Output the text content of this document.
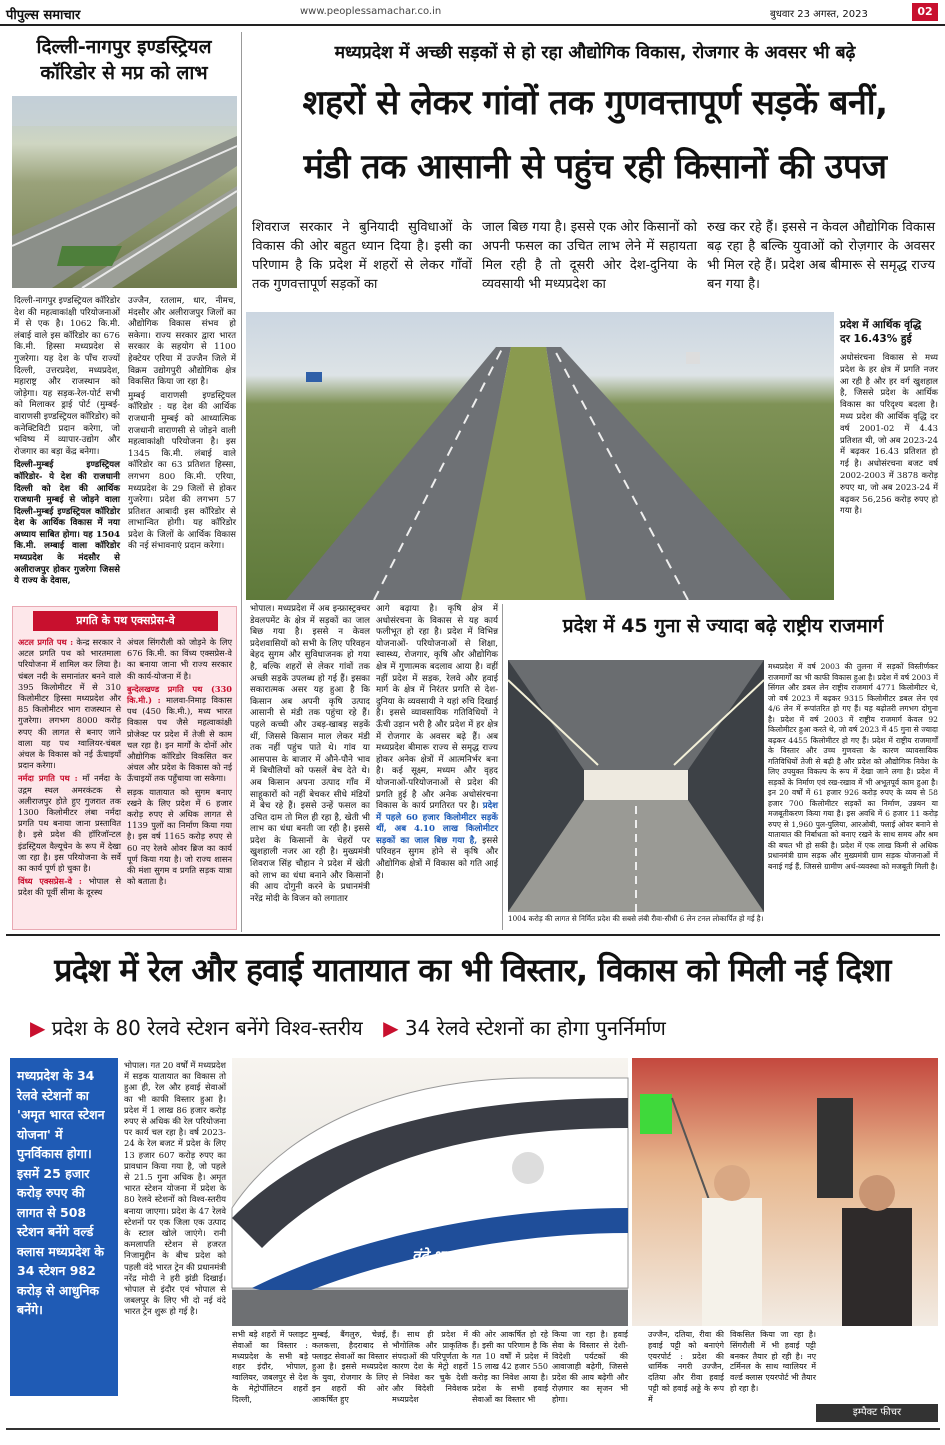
पीपुल्स समाचार	www.peoplessamachar.co.in	बुधवार 23 अगस्त, 2023	02
दिल्ली-नागपुर इण्डस्ट्रियल कॉरिडोर से मप्र को लाभ

दिल्ली-नागपुर इण्डस्ट्रियल कॉरिडोर देश की महत्वाकांक्षी परियोजनाओं में से एक है। 1062 कि.मी. लंबाई वाले इस कॉरिडोर का 676 कि.मी. हिस्सा मध्यप्रदेश से गुजरेगा। यह देश के पाँच राज्यों दिल्ली, उत्तरप्रदेश, मध्यप्रदेश, महाराष्ट्र और राजस्थान को जोड़ेगा। यह सड़क-रेल-पोर्ट सभी को मिलाकर ड्राई पोर्ट (मुम्बई-वाराणसी इण्डस्ट्रियल कॉरिडोर) को कनेक्टिविटी प्रदान करेगा, जो भविष्य में व्यापार-उद्योग और रोजगार का बड़ा केंद्र बनेगा।

दिल्ली-मुम्बई इण्डस्ट्रियल कॉरिडोर- ये देश की राजधानी दिल्ली को देश की आर्थिक राजधानी मुम्बई से जोड़ने वाला दिल्ली-मुम्बई इण्डस्ट्रियल कॉरिडोर देश के आर्थिक विकास में नया अध्याय साबित होगा। यह 1504 कि.मी. लम्बाई वाला कॉरिडोर मध्यप्रदेश के मंदसौर से अलीराजपुर होकर गुजरेगा जिससे ये राज्य के देवास,

उज्जैन, रतलाम, धार, नीमच, मंदसौर और अलीराजपुर जिलों का औद्योगिक विकास संभव हो सकेगा। राज्य सरकार द्वारा भारत सरकार के सहयोग से 1100 हेक्टेयर एरिया में उज्जैन जिले में विक्रम उद्योगपुरी औद्योगिक क्षेत्र विकसित किया जा रहा है।

मुम्बई वाराणसी इण्डस्ट्रियल कॉरिडोर : यह देश की आर्थिक राजधानी मुम्बई को आध्यात्मिक राजधानी वाराणसी से जोड़ने वाली महत्वाकांक्षी परियोजना है। इस 1345 कि.मी. लंबाई वाले कॉरिडोर का 63 प्रतिशत हिस्सा, लगभग 800 कि.मी. एरिया, मध्यप्रदेश के 29 जिलों से होकर गुजरेगा। प्रदेश की लगभग 57 प्रतिशत आबादी इस कॉरिडोर से लाभान्वित होगी। यह कॉरिडोर प्रदेश के जिलों के आर्थिक विकास की नई संभावनाएं प्रदान करेगा।

प्रगति के पथ एक्सप्रेस-वे

अटल प्रगति पथ : केन्द्र सरकार ने अटल प्रगति पथ को भारतमाला परियोजना में शामिल कर लिया है। चंबल नदी के समानांतर बनने वाले 395 किलोमीटर में से 310 किलोमीटर हिस्सा मध्यप्रदेश और 85 किलोमीटर भाग राजस्थान से गुजरेगा। लगभग 8000 करोड़ रुपए की लागत से बनाए जाने वाला यह पथ ग्वालियर-चंबल अंचल के विकास को नई ऊँचाइयाँ प्रदान करेगा।

नर्मदा प्रगति पथ : माँ नर्मदा के उद्गम स्थल अमरकंटक से अलीराजपुर होते हुए गुजरात तक 1300 किलोमीटर लंबा नर्मदा प्रगति पथ बनाया जाना प्रस्तावित है। इसे प्रदेश की हॉरिजॉन्टल इंडस्ट्रियल वैल्यूचेन के रूप में देखा जा रहा है। इस परियोजना के सर्वे का कार्य पूर्ण हो चुका है।

विंध्य एक्सप्रेस-वे : भोपाल से प्रदेश की पूर्वी सीमा के दूरस्थ

अंचल सिंगरौली को जोड़ने के लिए 676 कि.मी. का विंध्य एक्सप्रेस-वे का बनाया जाना भी राज्य सरकार की कार्य-योजना में है।

बुन्देलखण्ड प्रगति पथ (330 कि.मी.) : मालवा-निमाड़ विकास पथ (450 कि.मी.), मध्य भारत विकास पथ जैसे महत्वाकांक्षी प्रोजेक्ट पर प्रदेश में तेजी से काम चल रहा है। इन मार्गों के दोनों ओर औद्योगिक कॉरिडोर विकसित कर अंचल और प्रदेश के विकास को नई ऊँचाइयों तक पहुँचाया जा सकेगा।

सड़क यातायात को सुगम बनाए रखने के लिए प्रदेश में 6 हजार करोड़ रुपए से अधिक लागत से 1139 पुलों का निर्माण किया गया है। इस वर्ष 1165 करोड़ रुपए से 60 नए रेलवे ओवर ब्रिज का कार्य पूर्ण किया गया है। जो राज्य शासन की मंशा सुगम व प्रगति सड़क यात्रा को बताता है।

मध्यप्रदेश में अच्छी सड़कों से हो रहा औद्योगिक विकास, रोजगार के अवसर भी बढ़े
शहरों से लेकर गांवों तक गुणवत्तापूर्ण सड़कें बनीं,
मंडी तक आसानी से पहुंच रही किसानों की उपज
शिवराज सरकार ने बुनियादी सुविधाओं के विकास की ओर बहुत ध्यान दिया है। इसी का परिणाम है कि प्रदेश में शहरों से लेकर गाँवों तक गुणवत्तापूर्ण सड़कों का
जाल बिछ गया है। इससे एक ओर किसानों को अपनी फसल का उचित लाभ लेने में सहायता मिल रही है तो दूसरी ओर देश-दुनिया के व्यवसायी भी मध्यप्रदेश का
रुख कर रहे हैं। इससे न केवल औद्योगिक विकास बढ़ रहा है बल्कि युवाओं को रोज़गार के अवसर भी मिल रहे हैं। प्रदेश अब बीमारू से समृद्ध राज्य बन गया है।
प्रदेश में आर्थिक वृद्धि
दर 16.43% हुई
अधोसंरचना विकास से मध्य प्रदेश के हर क्षेत्र में प्रगति नजर आ रही है और हर वर्ग खुशहाल है, जिससे प्रदेश के आर्थिक विकास का परिदृश्य बदला है। मध्य प्रदेश की आर्थिक वृद्धि दर वर्ष 2001-02 में 4.43 प्रतिशत थी, जो अब 2023-24 में बढ़कर 16.43 प्रतिशत हो गई है। अधोसंरचना बजट वर्ष 2002-2003 में 3878 करोड़ रुपए था, जो अब 2023-24 में बढ़कर 56,256 करोड़ रुपए हो गया है।
भोपाल। मध्यप्रदेश में अब इन्फ्रास्ट्रक्चर डेवलपमेंट के क्षेत्र में सड़कों का जाल बिछ गया है। इससे न केवल प्रदेशवासियों को सभी के लिए परिवहन बेहद सुगम और सुविधाजनक हो गया है, बल्कि शहरों से लेकर गांवों तक अच्छी सड़कें उपलब्ध हो गई हैं। इसका सकारात्मक असर यह हुआ है कि किसान अब अपनी कृषि उत्पाद आसानी से मंडी तक पहुंचा रहे हैं। पहले कच्ची और उबड़-खाबड़ सड़कें थीं, जिससे किसान माल लेकर मंडी तक नहीं पहुंच पाते थे। गांव या आसपास के बाजार में औने-पौने भाव में बिचौलियों को फसलें बेच देते थे। अब किसान अपना उत्पाद गाँव में साहूकारों को नहीं बेचकर सीधे मंडियों में बेच रहे हैं। इससे उन्हें फसल का उचित दाम तो मिल ही रहा है, खेती भी लाभ का धंधा बनती जा रही है। इससे प्रदेश के किसानों के चेहरों पर खुशहाली नजर आ रही है। मुख्यमंत्री शिवराज सिंह चौहान ने प्रदेश में खेती को लाभ का धंधा बनाने और किसानों की आय दोगुनी करने के प्रधानमंत्री नरेंद्र मोदी के विजन को लगातार
आगे बढ़ाया है। कृषि क्षेत्र में अधोसंरचना के विकास से यह कार्य फलीभूत हो रहा है। प्रदेश में विभिन्न योजनाओं- परियोजनाओं से शिक्षा, स्वास्थ्य, रोजगार, कृषि और औद्योगिक क्षेत्र में गुणात्मक बदलाव आया है। वहीं नहीं प्रदेश में सड़क, रेलवे और हवाई मार्ग के क्षेत्र में निरंतर प्रगति से देश-दुनिया के व्यवसायी ने यहां रुचि दिखाई है। इससे व्यावसायिक गतिविधियों ने ऊँची उड़ान भरी है और प्रदेश में हर क्षेत्र में रोजगार के अवसर बढ़े हैं। अब मध्यप्रदेश बीमारू राज्य से समृद्ध राज्य होकर अनेक क्षेत्रों में आत्मनिर्भर बना है। कई सूक्ष्म, मध्यम और वृहद योजनाओं-परियोजनाओं से प्रदेश की प्रगति हुई है और अनेक अधोसंरचना विकास के कार्य प्रगतिरत पर है। प्रदेश में पहले 60 हजार किलोमीटर सड़कें थीं, अब 4.10 लाख किलोमीटर सड़कों का जाल बिछ गया है, इससे परिवहन सुगम होने से कृषि और औद्योगिक क्षेत्रों में विकास को गति आई है।
प्रदेश में 45 गुना से ज्यादा बढ़े राष्ट्रीय राजमार्ग
1004 करोड़ की लागत से निर्मित प्रदेश की सबसे लंबी रीवा-सीधी 6 लेन टनल लोकार्पित हो गई है।
मध्यप्रदेश में वर्ष 2003 की तुलना में सड़कों विस्तीर्णकर राजमार्गों का भी काफी विकास हुआ है। प्रदेश में वर्ष 2003 में सिंगल और डबल लेन राष्ट्रीय राजमार्ग 4771 किलोमीटर थे, जो वर्ष 2023 में बढ़कर 9315 किलोमीटर डबल लेन एवं 4/6 लेन में रूपांतरित हो गए हैं। यह बढ़ोतरी लगभग दोगुना है। प्रदेश में वर्ष 2003 में राष्ट्रीय राजमार्ग केवल 92 किलोमीटर हुआ करते थे, जो वर्ष 2023 में 45 गुना से ज्यादा बढ़कर 4455 किलोमीटर हो गए हैं। प्रदेश में राष्ट्रीय राजमार्गों के विस्तार और उच्च गुणवत्ता के कारण व्यावसायिक गतिविधियों तेजी से बढ़ी है और प्रदेश को औद्योगिक निवेश के लिए उपयुक्त विकल्प के रूप में देखा जाने लगा है। प्रदेश में सड़कों के निर्माण एवं रख-रखाव में भी अभूतपूर्व काम हुआ है। इन 20 वर्षों में 61 हजार 926 करोड़ रुपए के व्यय से 58 हजार 700 किलोमीटर सड़कों का निर्माण, उन्नयन या मजबूतीकरण किया गया है। इस अवधि में 6 हजार 11 करोड़ रुपए से 1,960 पुल-पुलिया, आरओबी, फ्लाई ओवर बनाने से यातायात की निर्बाधता को बनाए रखने के साथ समय और श्रम की बचत भी हो सकी है। प्रदेश में एक लाख किमी से अधिक प्रधानमंत्री ग्राम सड़क और मुख्यमंत्री ग्राम सड़क योजनाओं में बनाई गई हैं, जिससे ग्रामीण अर्थ-व्यवस्था को मजबूती मिली है।
प्रदेश में रेल और हवाई यातायात का भी विस्तार, विकास को मिली नई दिशा
▶ प्रदेश के 80 रेलवे स्टेशन बनेंगे विश्व-स्तरीय ▶ 34 रेलवे स्टेशनों का होगा पुनर्निर्माण
मध्यप्रदेश के 34 रेलवे स्टेशनों का 'अमृत भारत स्टेशन योजना' में पुनर्विकास होगा। इसमें 25 हजार करोड़ रुपए की लागत से 508 स्टेशन बनेंगे वर्ल्ड क्लास मध्यप्रदेश के 34 स्टेशन 982 करोड़ से आधुनिक बनेंगे।
भोपाल। गत 20 वर्षों में मध्यप्रदेश में सड़क यातायात का विकास तो हुआ ही, रेल और हवाई सेवाओं का भी काफी विस्तार हुआ है। प्रदेश में 1 लाख 86 हजार करोड़ रुपए से अधिक की रेल परियोजना पर कार्य चल रहा है। वर्ष 2023-24 के रेल बजट में प्रदेश के लिए 13 हजार 607 करोड़ रुपए का प्रावधान किया गया है, जो पहले से 21.5 गुना अधिक है। अमृत भारत स्टेशन योजना में प्रदेश के 80 रेलवे स्टेशनों को विश्व-स्तरीय बनाया जाएगा। प्रदेश के 47 रेलवे स्टेशनों पर एक जिला एक उत्पाद के स्टाल खोले जाएंगे। रानी कमलापति स्टेशन से हजरत निजामुद्दीन के बीच प्रदेश को पहली वंदे भारत ट्रेन की प्रधानमंत्री नरेंद्र मोदी ने हरी झंडी दिखाई। भोपाल से इंदौर एवं भोपाल से जबलपुर के लिए भी दो नई वंदे भारत ट्रेन शुरू हो गई है।
वंदे भारत
EXPRESS
सभी बड़े शहरों में फ्लाइट सेवाओं का विस्तार : मध्यप्रदेश के सभी बड़े शहर इंदौर, भोपाल, ग्वालियर, जबलपुर से देश के मेट्रोपॉलिटन शहरों दिल्ली,
मुम्बई, बैंगलुरु, चेन्नई, कलकत्ता, हैदराबाद से फ्लाइट सेवाओं का विस्तार हुआ है। इससे मध्यप्रदेश के युवा, रोजगार के लिए इन शहरों की ओर आकर्षित हुए
हैं। साथ ही प्रदेश में भौगोलिक और प्राकृतिक संपदाओं की परिपूर्णता के कारण देश के मेट्रो शहरों से निवेश कर चुके देशी और विदेशी निवेशक मध्यप्रदेश
की ओर आकर्षित हो रहे हैं। इसी का परिणाम है कि गत 10 वर्षों में प्रदेश में 15 लाख 42 हजार 550 करोड़ का निवेश आया है। प्रदेश के सभी हवाई सेवाओं का विस्तार भी
किया जा रहा है। हवाई सेवा के विस्तार से देशी-विदेशी पर्यटकों की आवाजाही बढ़ेगी, जिससे प्रदेश की आय बढ़ेगी और रोज़गार का सृजन भी होगा।
उज्जैन, दतिया, रीवा की हवाई पट्टी को बनाएंगे एयरपोर्ट : प्रदेश की धार्मिक नगरी उज्जैन, दतिया और रीवा हवाई पट्टी को हवाई अड्डे के रूप में
विकसित किया जा रहा है। सिंगरौली में भी हवाई पट्टी बनकर तैयार हो रही है। नए टर्मिनल के साथ ग्वालियर में वर्ल्ड क्लास एयरपोर्ट भी तैयार हो रहा है।
इम्पैक्ट फीचर
